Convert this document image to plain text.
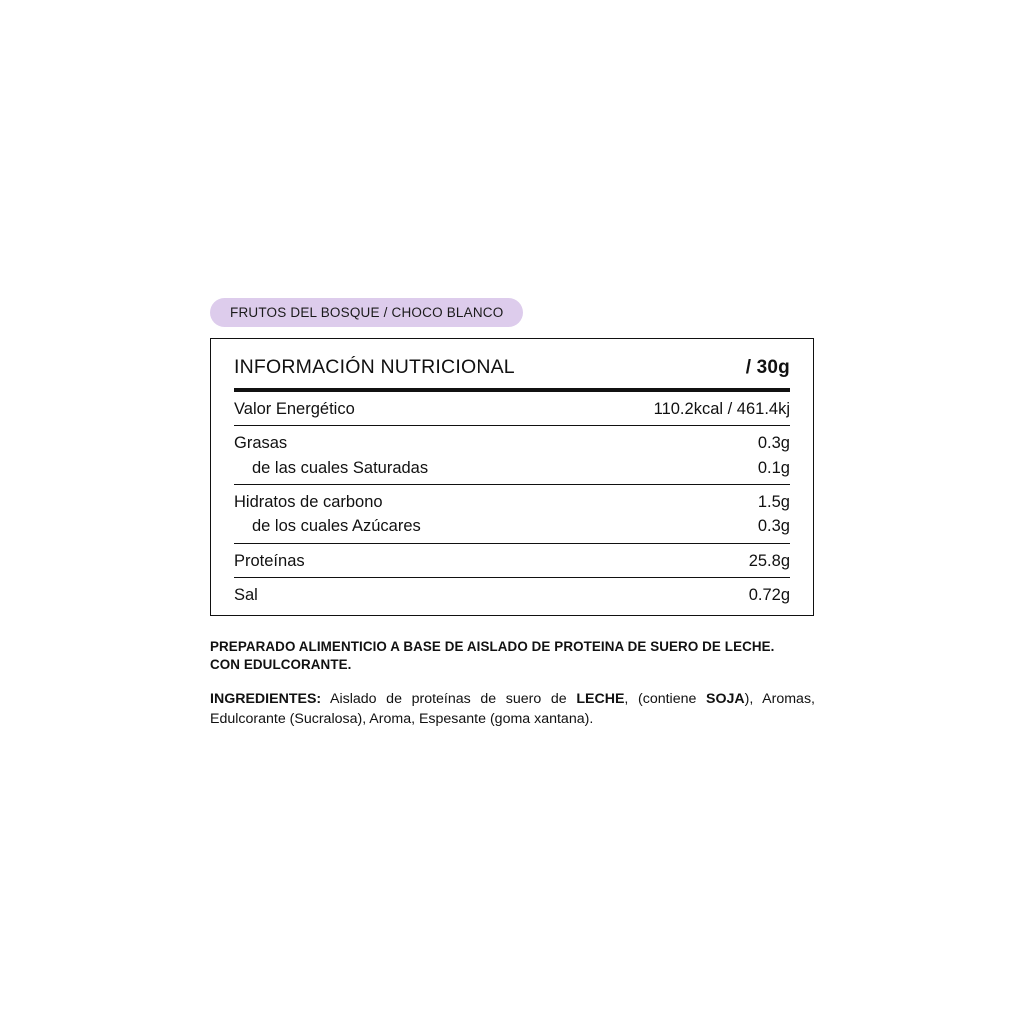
FRUTOS DEL BOSQUE / CHOCO BLANCO
INFORMACIÓN NUTRICIONAL	/ 30g
Valor Energético	110.2kcal / 461.4kj
Grasas	0.3g
de las cuales Saturadas	0.1g
Hidratos de carbono	1.5g
de los cuales Azúcares	0.3g
Proteínas	25.8g
Sal	0.72g
PREPARADO ALIMENTICIO A BASE DE AISLADO DE PROTEINA DE SUERO DE LECHE.
CON EDULCORANTE.
INGREDIENTES: Aislado de proteínas de suero de LECHE, (contiene SOJA), Aromas, Edulcorante (Sucralosa), Aroma, Espesante (goma xantana).
